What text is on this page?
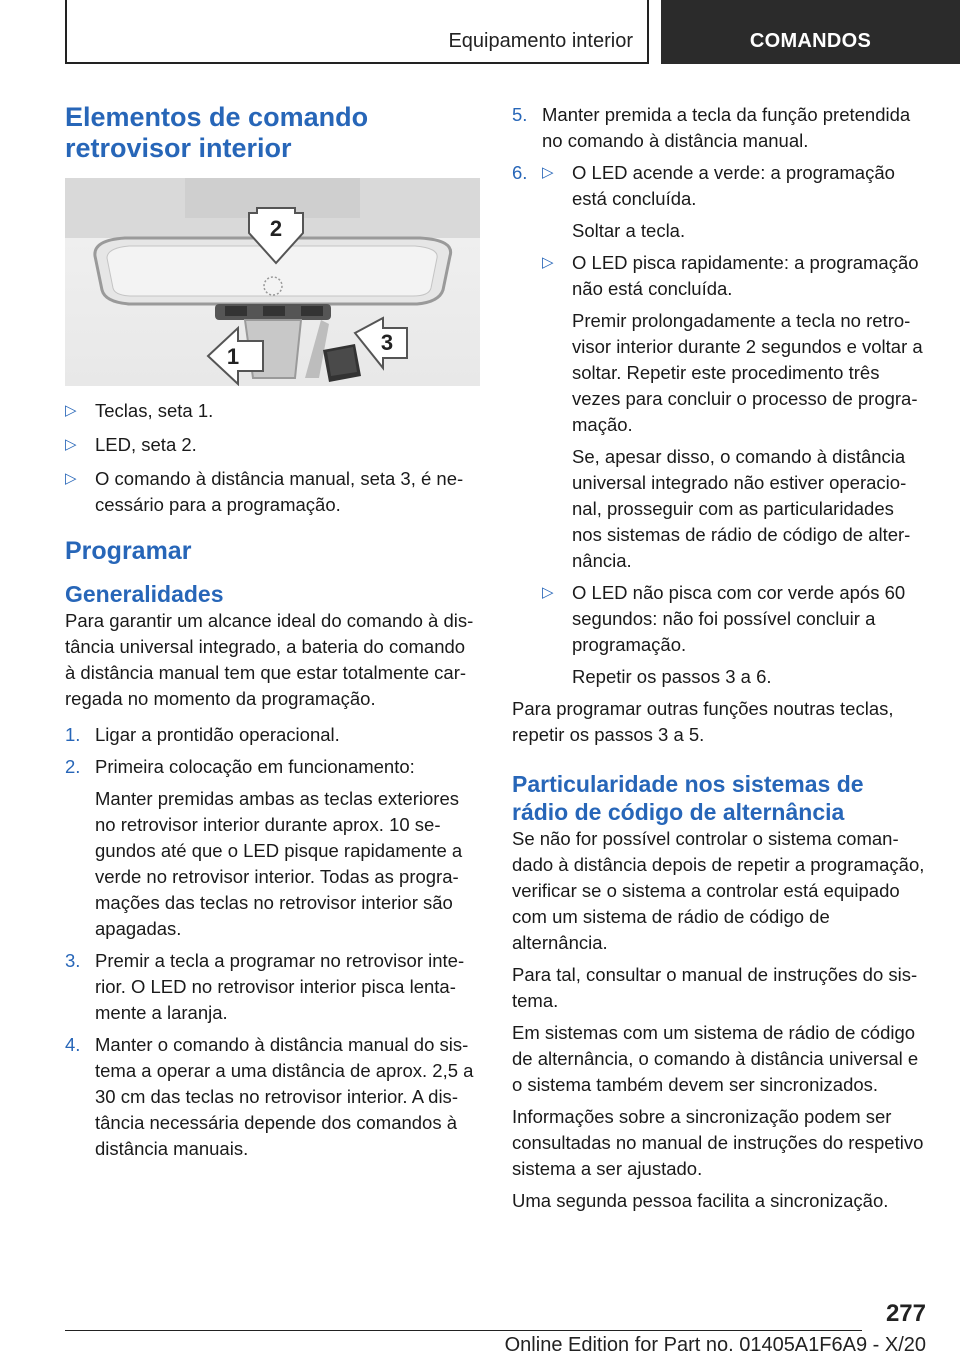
Equipamento interior	COMANDOS
Elementos de comando retrovisor interior
2
1
3
▷ Teclas, seta 1.
▷ LED, seta 2.
▷ O comando à distância manual, seta 3, é necessário para a programação.
Programar
Generalidades

Para garantir um alcance ideal do comando à distância universal integrado, a bateria do comando à distância manual tem que estar totalmente carregada no momento da programação.

1. Ligar a prontidão operacional.
2. Primeira colocação em funcionamento:
Manter premidas ambas as teclas exteriores no retrovisor interior durante aprox. 10 segundos até que o LED pisque rapidamente a verde no retrovisor interior. Todas as programações das teclas no retrovisor interior são apagadas.
3. Premir a tecla a programar no retrovisor interior. O LED no retrovisor interior pisca lentamente a laranja.
4. Manter o comando à distância manual do sistema a operar a uma distância de aprox. 2,5 a 30 cm das teclas no retrovisor interior. A distância necessária depende dos comandos à distância manuais.
5. Manter premida a tecla da função pretendida no comando à distância manual.
6. ▷ O LED acende a verde: a programação está concluída.
Soltar a tecla.
▷ O LED pisca rapidamente: a programação não está concluída.
Premir prolongadamente a tecla no retrovisor interior durante 2 segundos e voltar a soltar. Repetir este procedimento três vezes para concluir o processo de programação.
Se, apesar disso, o comando à distância universal integrado não estiver operacional, prosseguir com as particularidades nos sistemas de rádio de código de alternância.
▷ O LED não pisca com cor verde após 60 segundos: não foi possível concluir a programação.
Repetir os passos 3 a 6.

Para programar outras funções noutras teclas, repetir os passos 3 a 5.

Particularidade nos sistemas de rádio de código de alternância

Se não for possível controlar o sistema comandado à distância depois de repetir a programação, verificar se o sistema a controlar está equipado com um sistema de rádio de código de alternância.

Para tal, consultar o manual de instruções do sistema.

Em sistemas com um sistema de rádio de código de alternância, o comando à distância universal e o sistema também devem ser sincronizados.

Informações sobre a sincronização podem ser consultadas no manual de instruções do respetivo sistema a ser ajustado.

Uma segunda pessoa facilita a sincronização.

277
Online Edition for Part no. 01405A1F6A9 - X/20
